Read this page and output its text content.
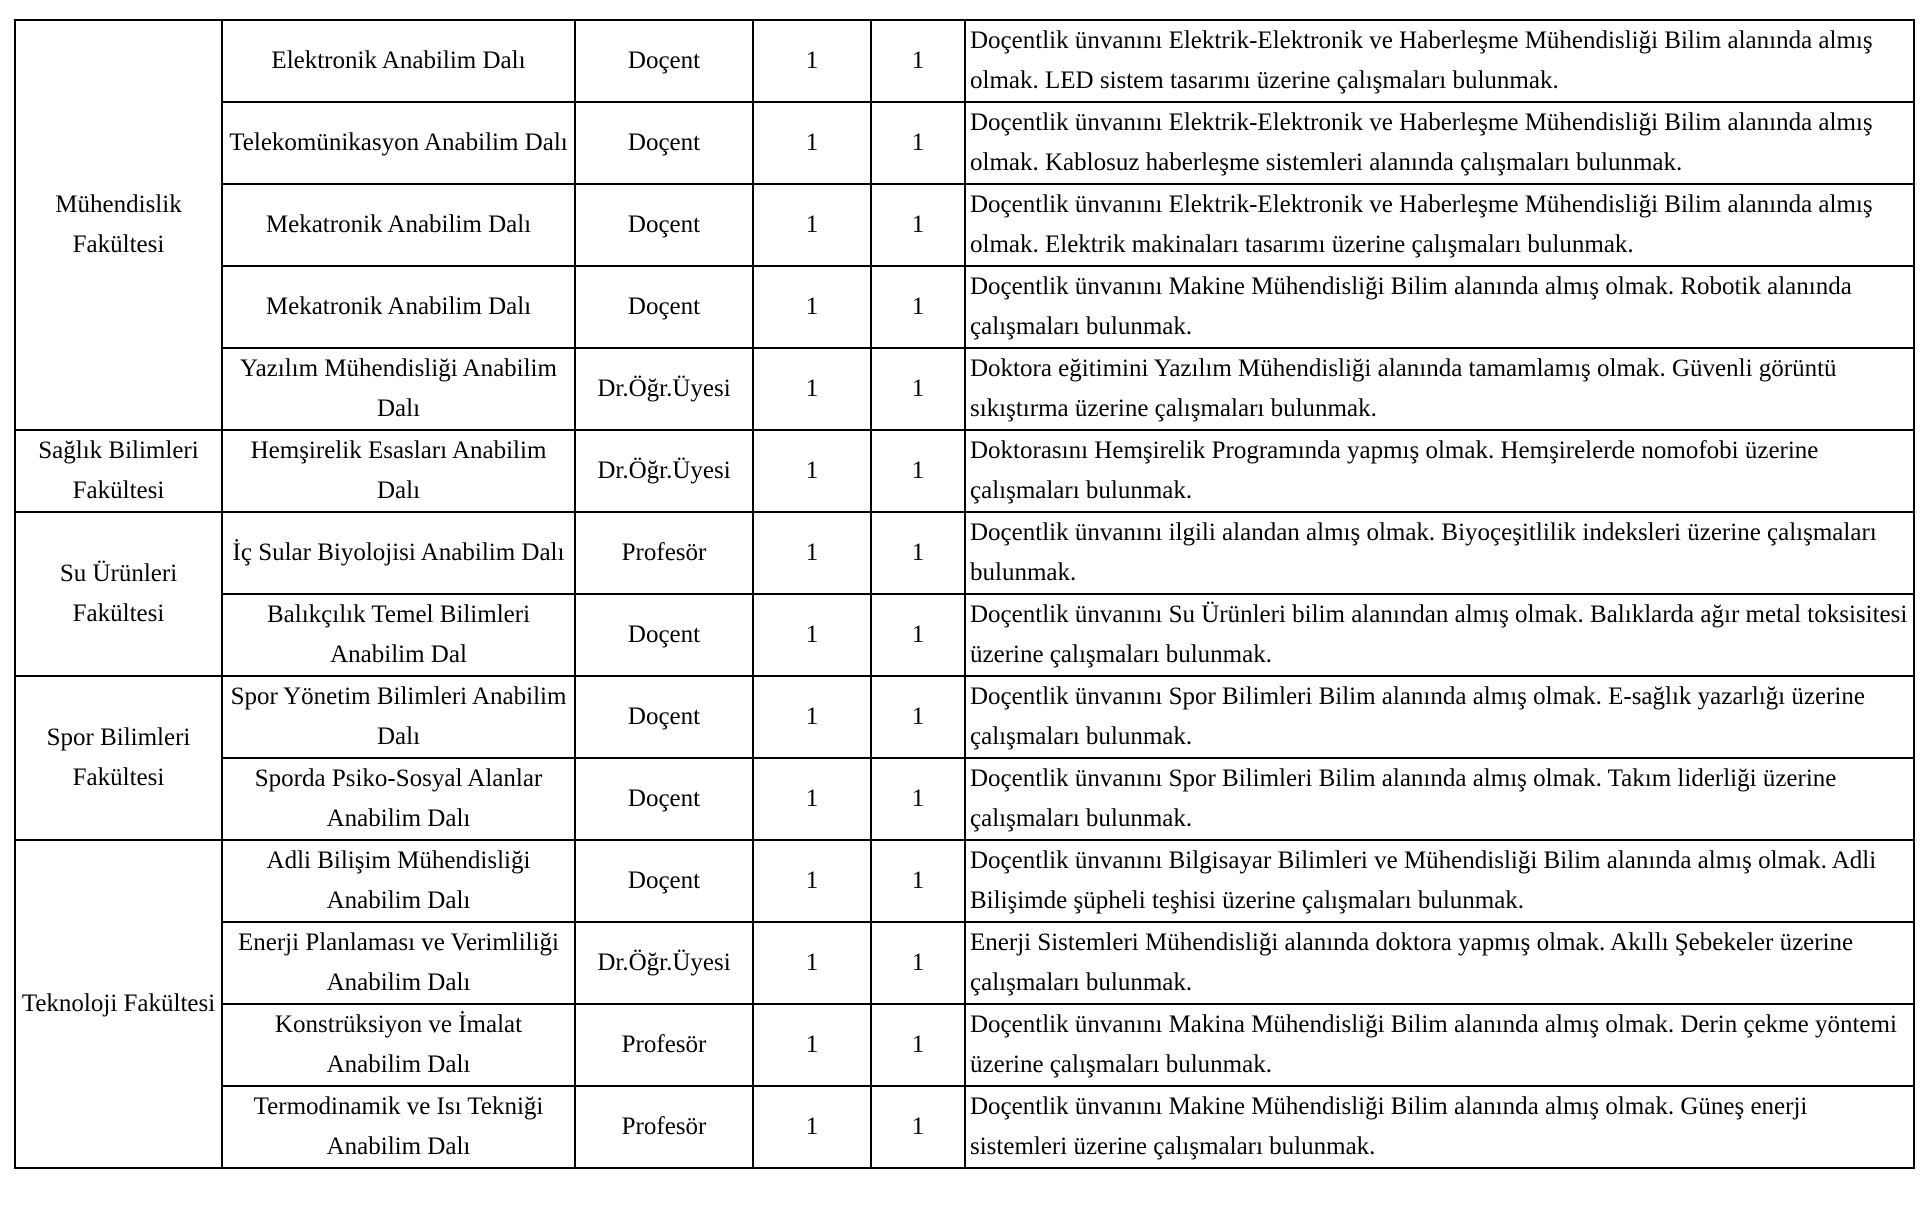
Mühendislik Fakültesi	Elektronik Anabilim Dalı	Doçent	1	1	Doçentlik ünvanını Elektrik-Elektronik ve Haberleşme Mühendisliği Bilim alanında almış olmak. LED sistem tasarımı üzerine çalışmaları bulunmak.
	Telekomünikasyon Anabilim Dalı	Doçent	1	1	Doçentlik ünvanını Elektrik-Elektronik ve Haberleşme Mühendisliği Bilim alanında almış olmak. Kablosuz haberleşme sistemleri alanında çalışmaları bulunmak.
	Mekatronik Anabilim Dalı	Doçent	1	1	Doçentlik ünvanını Elektrik-Elektronik ve Haberleşme Mühendisliği Bilim alanında almış olmak. Elektrik makinaları tasarımı üzerine çalışmaları bulunmak.
	Mekatronik Anabilim Dalı	Doçent	1	1	Doçentlik ünvanını Makine Mühendisliği Bilim alanında almış olmak. Robotik alanında çalışmaları bulunmak.
	Yazılım Mühendisliği Anabilim Dalı	Dr.Öğr.Üyesi	1	1	Doktora eğitimini Yazılım Mühendisliği alanında tamamlamış olmak. Güvenli görüntü sıkıştırma üzerine çalışmaları bulunmak.
Sağlık Bilimleri Fakültesi	Hemşirelik Esasları Anabilim Dalı	Dr.Öğr.Üyesi	1	1	Doktorasını Hemşirelik Programında yapmış olmak. Hemşirelerde nomofobi üzerine çalışmaları bulunmak.
Su Ürünleri Fakültesi	İç Sular Biyolojisi Anabilim Dalı	Profesör	1	1	Doçentlik ünvanını ilgili alandan almış olmak. Biyoçeşitlilik indeksleri üzerine çalışmaları bulunmak.
	Balıkçılık Temel Bilimleri Anabilim Dal	Doçent	1	1	Doçentlik ünvanını Su Ürünleri bilim alanından almış olmak. Balıklarda ağır metal toksisitesi üzerine çalışmaları bulunmak.
Spor Bilimleri Fakültesi	Spor Yönetim Bilimleri Anabilim Dalı	Doçent	1	1	Doçentlik ünvanını Spor Bilimleri Bilim alanında almış olmak. E-sağlık yazarlığı üzerine çalışmaları bulunmak.
	Sporda Psiko-Sosyal Alanlar Anabilim Dalı	Doçent	1	1	Doçentlik ünvanını Spor Bilimleri Bilim alanında almış olmak. Takım liderliği üzerine çalışmaları bulunmak.
Teknoloji Fakültesi	Adli Bilişim Mühendisliği Anabilim Dalı	Doçent	1	1	Doçentlik ünvanını Bilgisayar Bilimleri ve Mühendisliği Bilim alanında almış olmak. Adli Bilişimde şüpheli teşhisi üzerine çalışmaları bulunmak.
	Enerji Planlaması ve Verimliliği Anabilim Dalı	Dr.Öğr.Üyesi	1	1	Enerji Sistemleri Mühendisliği alanında doktora yapmış olmak. Akıllı Şebekeler üzerine çalışmaları bulunmak.
	Konstrüksiyon ve İmalat Anabilim Dalı	Profesör	1	1	Doçentlik ünvanını Makina Mühendisliği Bilim alanında almış olmak. Derin çekme yöntemi üzerine çalışmaları bulunmak.
	Termodinamik ve Isı Tekniği Anabilim Dalı	Profesör	1	1	Doçentlik ünvanını Makine Mühendisliği Bilim alanında almış olmak. Güneş enerji sistemleri üzerine çalışmaları bulunmak.
